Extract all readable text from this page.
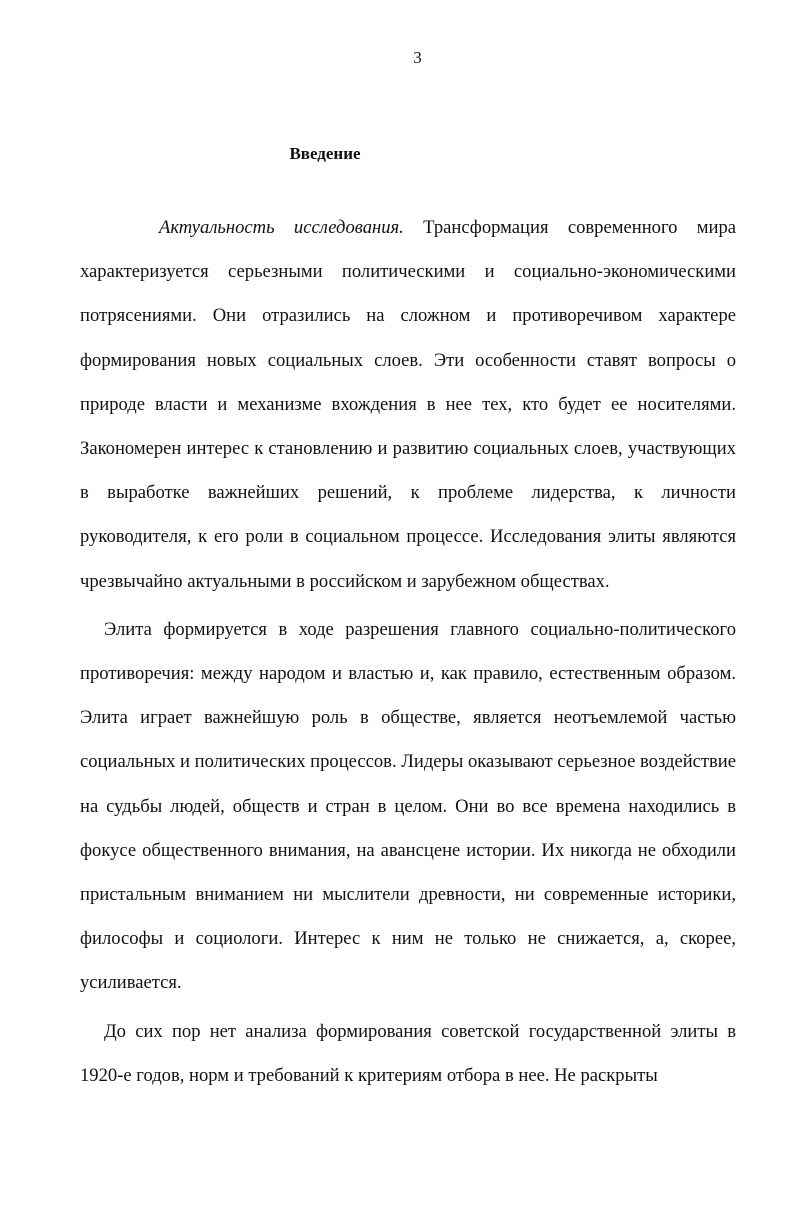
3
Введение

Актуальность исследования. Трансформация современного мира характеризуется серьезными политическими и социально-экономическими потрясениями. Они отразились на сложном и противоречивом характере формирования новых социальных слоев. Эти особенности ставят вопросы о природе власти и механизме вхождения в нее тех, кто будет ее носителями. Закономерен интерес к становлению и развитию социальных слоев, участвующих в выработке важнейших решений, к проблеме лидерства, к личности руководителя, к его роли в социальном процессе. Исследования элиты являются чрезвычайно актуальными в российском и зарубежном обществах.

Элита формируется в ходе разрешения главного социально-политического противоречия: между народом и властью и, как правило, естественным образом. Элита играет важнейшую роль в обществе, является неотъемлемой частью социальных и политических процессов. Лидеры оказывают серьезное воздействие на судьбы людей, обществ и стран в целом. Они во все времена находились в фокусе общественного внимания, на авансцене истории. Их никогда не обходили пристальным вниманием ни мыслители древности, ни современные историки, философы и социологи. Интерес к ним не только не снижается, а, скорее, усиливается.

До сих пор нет анализа формирования советской государственной элиты в 1920-е годов, норм и требований к критериям отбора в нее. Не раскрыты
